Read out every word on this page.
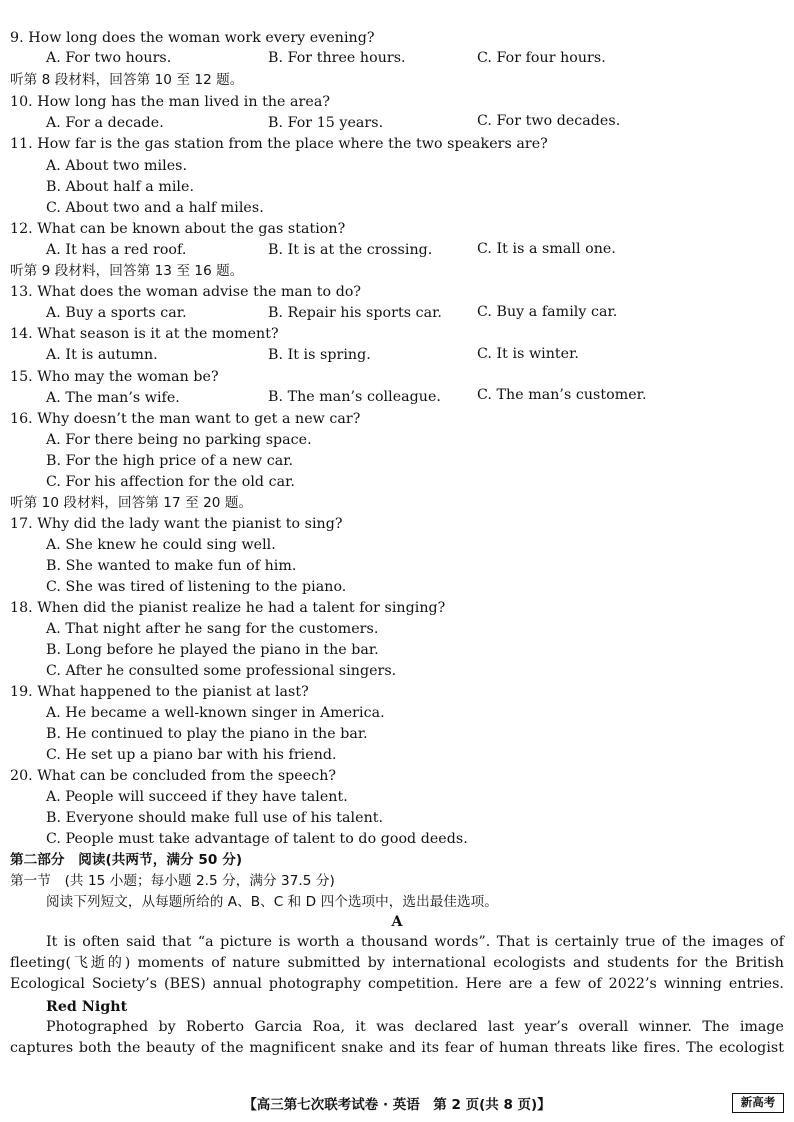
9. How long does the woman work every evening?
A. For two hours.	B. For three hours.	C. For four hours.
听第 8 段材料，回答第 10 至 12 题。
10. How long has the man lived in the area?
A. For a decade.	B. For 15 years.	C. For two decades.
11. How far is the gas station from the place where the two speakers are?
A. About two miles.
B. About half a mile.
C. About two and a half miles.
12. What can be known about the gas station?
A. It has a red roof.	B. It is at the crossing.	C. It is a small one.
听第 9 段材料，回答第 13 至 16 题。
13. What does the woman advise the man to do?
A. Buy a sports car.	B. Repair his sports car. C. Buy a family car.
14. What season is it at the moment?
A. It is autumn.	B. It is spring.	C. It is winter.
15. Who may the woman be?
A. The man’s wife.	B. The man’s colleague.	C. The man’s customer.
16. Why doesn’t the man want to get a new car?
A. For there being no parking space.
B. For the high price of a new car.
C. For his affection for the old car.
听第 10 段材料，回答第 17 至 20 题。
17. Why did the lady want the pianist to sing?
A. She knew he could sing well.
B. She wanted to make fun of him.
C. She was tired of listening to the piano.
18. When did the pianist realize he had a talent for singing?
A. That night after he sang for the customers.
B. Long before he played the piano in the bar.
C. After he consulted some professional singers.
19. What happened to the pianist at last?
A. He became a well-known singer in America.
B. He continued to play the piano in the bar.
C. He set up a piano bar with his friend.
20. What can be concluded from the speech?
A. People will succeed if they have talent.
B. Everyone should make full use of his talent.
C. People must take advantage of talent to do good deeds.
第二部分　阅读(共两节，满分 50 分)
第一节　(共 15 小题；每小题 2.5 分，满分 37.5 分)
阅读下列短文，从每题所给的 A、B、C 和 D 四个选项中，选出最佳选项。
A
It is often said that “a picture is worth a thousand words”. That is certainly true of the images of
fleeting(飞逝的) moments of nature submitted by international ecologists and students for the British
Ecological Society’s (BES) annual photography competition. Here are a few of 2022’s winning entries.
Red Night
Photographed by Roberto Garcia Roa, it was declared last year’s overall winner. The image
captures both the beauty of the magnificent snake and its fear of human threats like fires. The ecologist
【高三第七次联考试卷 · 英语　第 2 页(共 8 页)】	新高考
